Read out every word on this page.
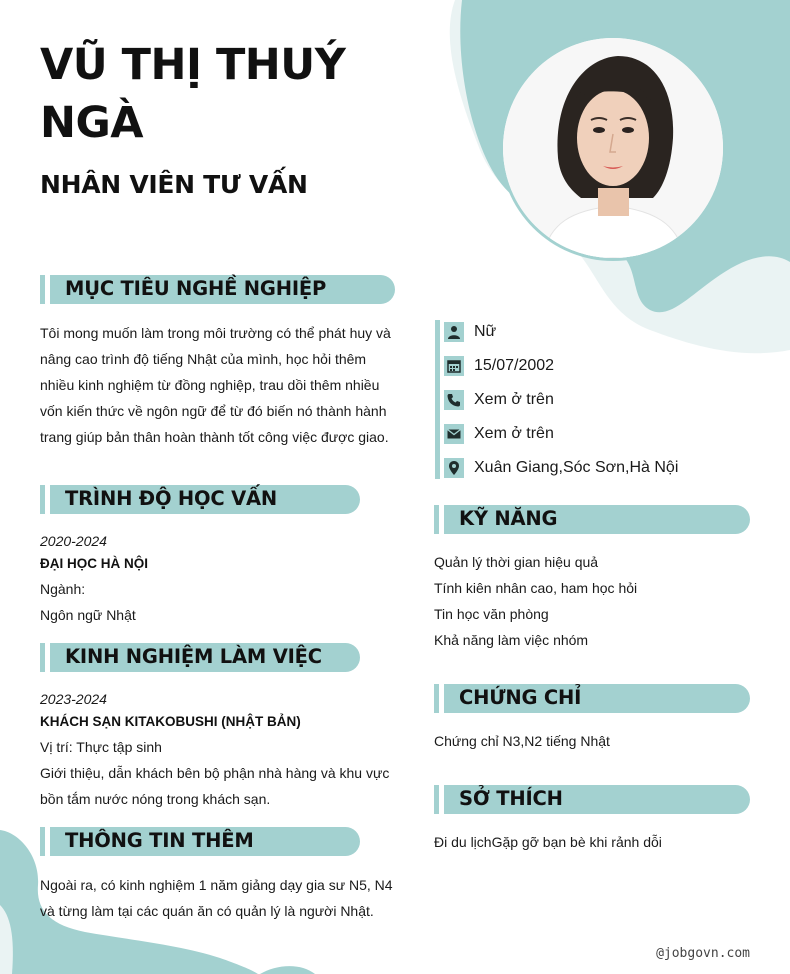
VŨ THỊ THUÝ
NGÀ
NHÂN VIÊN TƯ VẤN
MỤC TIÊU NGHỀ NGHIỆP
Tôi mong muốn làm trong môi trường có thể phát huy và
nâng cao trình độ tiếng Nhật của mình, học hỏi thêm
nhiều kinh nghiệm từ đồng nghiệp, trau dồi thêm nhiều
vốn kiến thức về ngôn ngữ để từ đó biến nó thành hành
trang giúp bản thân hoàn thành tốt công việc được giao.
TRÌNH ĐỘ HỌC VẤN
2020-2024
ĐẠI HỌC HÀ NỘI
Ngành:
Ngôn ngữ Nhật
KINH NGHIỆM LÀM VIỆC
2023-2024
KHÁCH SẠN KITAKOBUSHI (NHẬT BẢN)
Vị trí: Thực tập sinh
Giới thiệu, dẫn khách bên bộ phận nhà hàng và khu vực
bồn tắm nước nóng trong khách sạn.
THÔNG TIN THÊM
Ngoài ra, có kinh nghiệm 1 năm giảng dạy gia sư N5, N4
và từng làm tại các quán ăn có quản lý là người Nhật.
Nữ
15/07/2002
Xem ở trên
Xem ở trên
Xuân Giang,Sóc Sơn,Hà Nội
KỸ NĂNG
Quản lý thời gian hiệu quả
Tính kiên nhân cao, ham học hỏi
Tin học văn phòng
Khả năng làm việc nhóm
CHỨNG CHỈ
Chứng chỉ N3,N2 tiếng Nhật
SỞ THÍCH
Đi du lịchGặp gỡ bạn bè khi rảnh dỗi
@jobgovn.com
